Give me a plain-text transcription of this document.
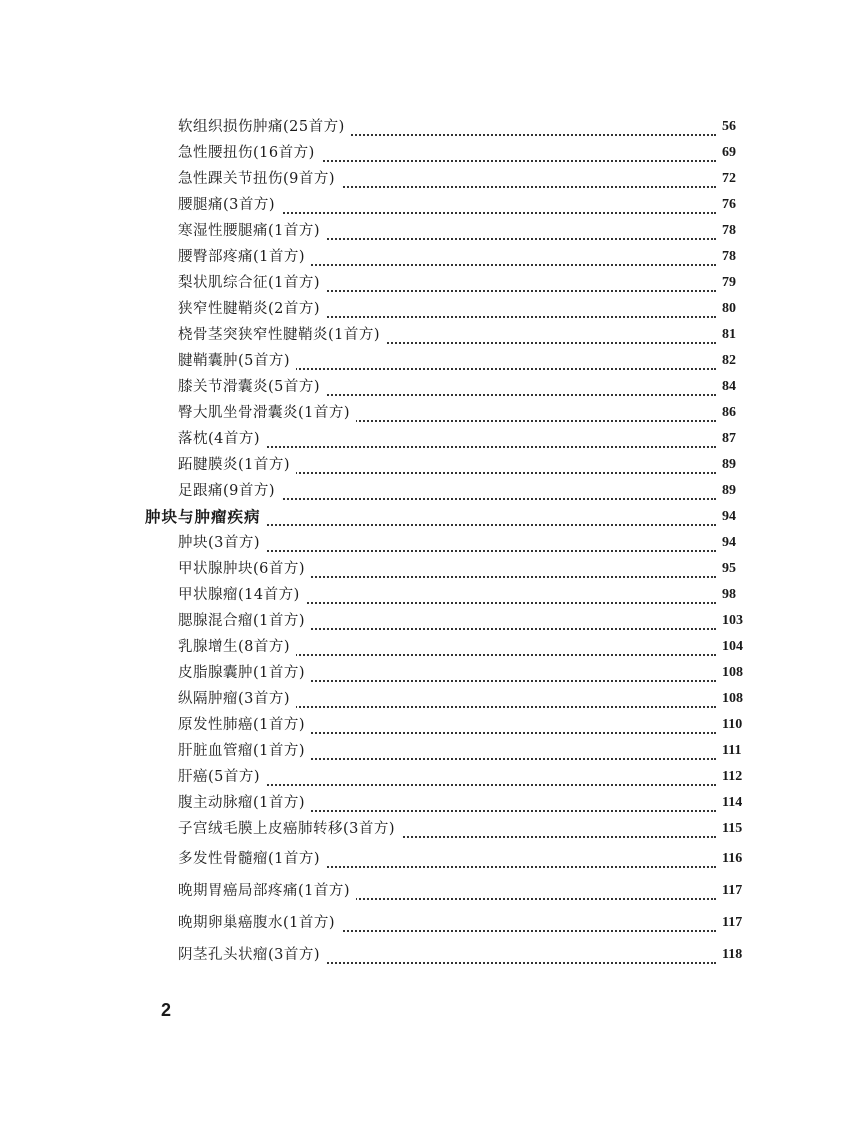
软组织损伤肿痛(25首方)	56
急性腰扭伤(16首方)	69
急性踝关节扭伤(9首方)	72
腰腿痛(3首方)	76
寒湿性腰腿痛(1首方)	78
腰臀部疼痛(1首方)	78
梨状肌综合征(1首方)	79
狭窄性腱鞘炎(2首方)	80
桡骨茎突狭窄性腱鞘炎(1首方)	81
腱鞘囊肿(5首方)	82
膝关节滑囊炎(5首方)	84
臀大肌坐骨滑囊炎(1首方)	86
落枕(4首方)	87
跖腱膜炎(1首方)	89
足跟痛(9首方)	89
肿块与肿瘤疾病	94
肿块(3首方)	94
甲状腺肿块(6首方)	95
甲状腺瘤(14首方)	98
腮腺混合瘤(1首方)	103
乳腺增生(8首方)	104
皮脂腺囊肿(1首方)	108
纵隔肿瘤(3首方)	108
原发性肺癌(1首方)	110
肝脏血管瘤(1首方)	111
肝癌(5首方)	112
腹主动脉瘤(1首方)	114
子宫绒毛膜上皮癌肺转移(3首方)	115
多发性骨髓瘤(1首方)	116
晚期胃癌局部疼痛(1首方)	117
晚期卵巢癌腹水(1首方)	117
阴茎孔头状瘤(3首方)	118
2
